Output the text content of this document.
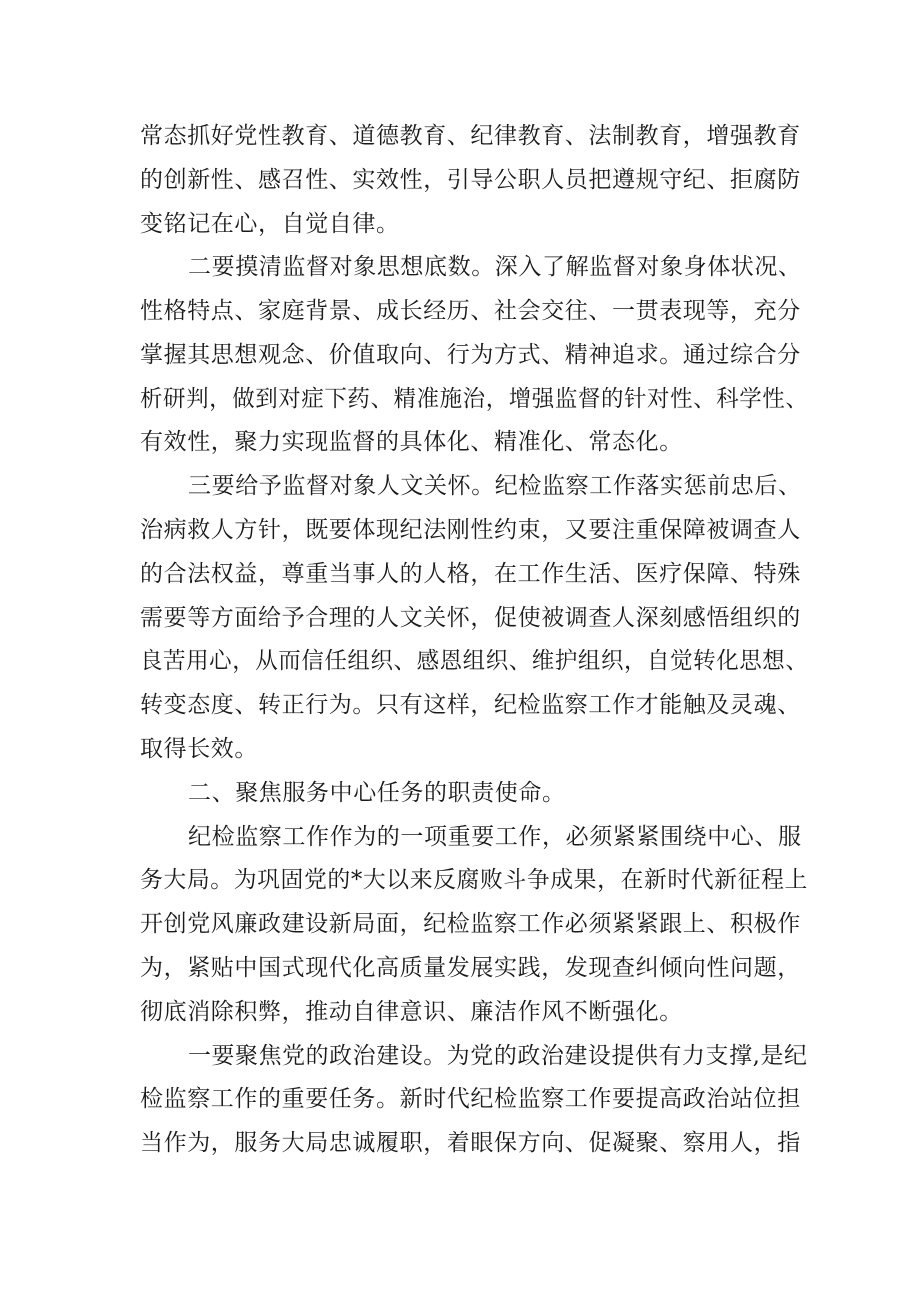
常态抓好党性教育、道德教育、纪律教育、法制教育，增强教育
的创新性、感召性、实效性，引导公职人员把遵规守纪、拒腐防
变铭记在心，自觉自律。
二要摸清监督对象思想底数。深入了解监督对象身体状况、
性格特点、家庭背景、成长经历、社会交往、一贯表现等，充分
掌握其思想观念、价值取向、行为方式、精神追求。通过综合分
析研判，做到对症下药、精准施治，增强监督的针对性、科学性、
有效性，聚力实现监督的具体化、精准化、常态化。
三要给予监督对象人文关怀。纪检监察工作落实惩前忠后、
治病救人方针，既要体现纪法刚性约束，又要注重保障被调查人
的合法权益，尊重当事人的人格，在工作生活、医疗保障、特殊
需要等方面给予合理的人文关怀，促使被调查人深刻感悟组织的
良苦用心，从而信任组织、感恩组织、维护组织，自觉转化思想、
转变态度、转正行为。只有这样，纪检监察工作才能触及灵魂、
取得长效。
二、聚焦服务中心任务的职责使命。
纪检监察工作作为的一项重要工作，必须紧紧围绕中心、服
务大局。为巩固党的*大以来反腐败斗争成果，在新时代新征程上
开创党风廉政建设新局面，纪检监察工作必须紧紧跟上、积极作
为，紧贴中国式现代化高质量发展实践，发现查纠倾向性问题，
彻底消除积弊，推动自律意识、廉洁作风不断强化。
一要聚焦党的政治建设。为党的政治建设提供有力支撑,是纪
检监察工作的重要任务。新时代纪检监察工作要提高政治站位担
当作为，服务大局忠诚履职，着眼保方向、促凝聚、察用人，指
